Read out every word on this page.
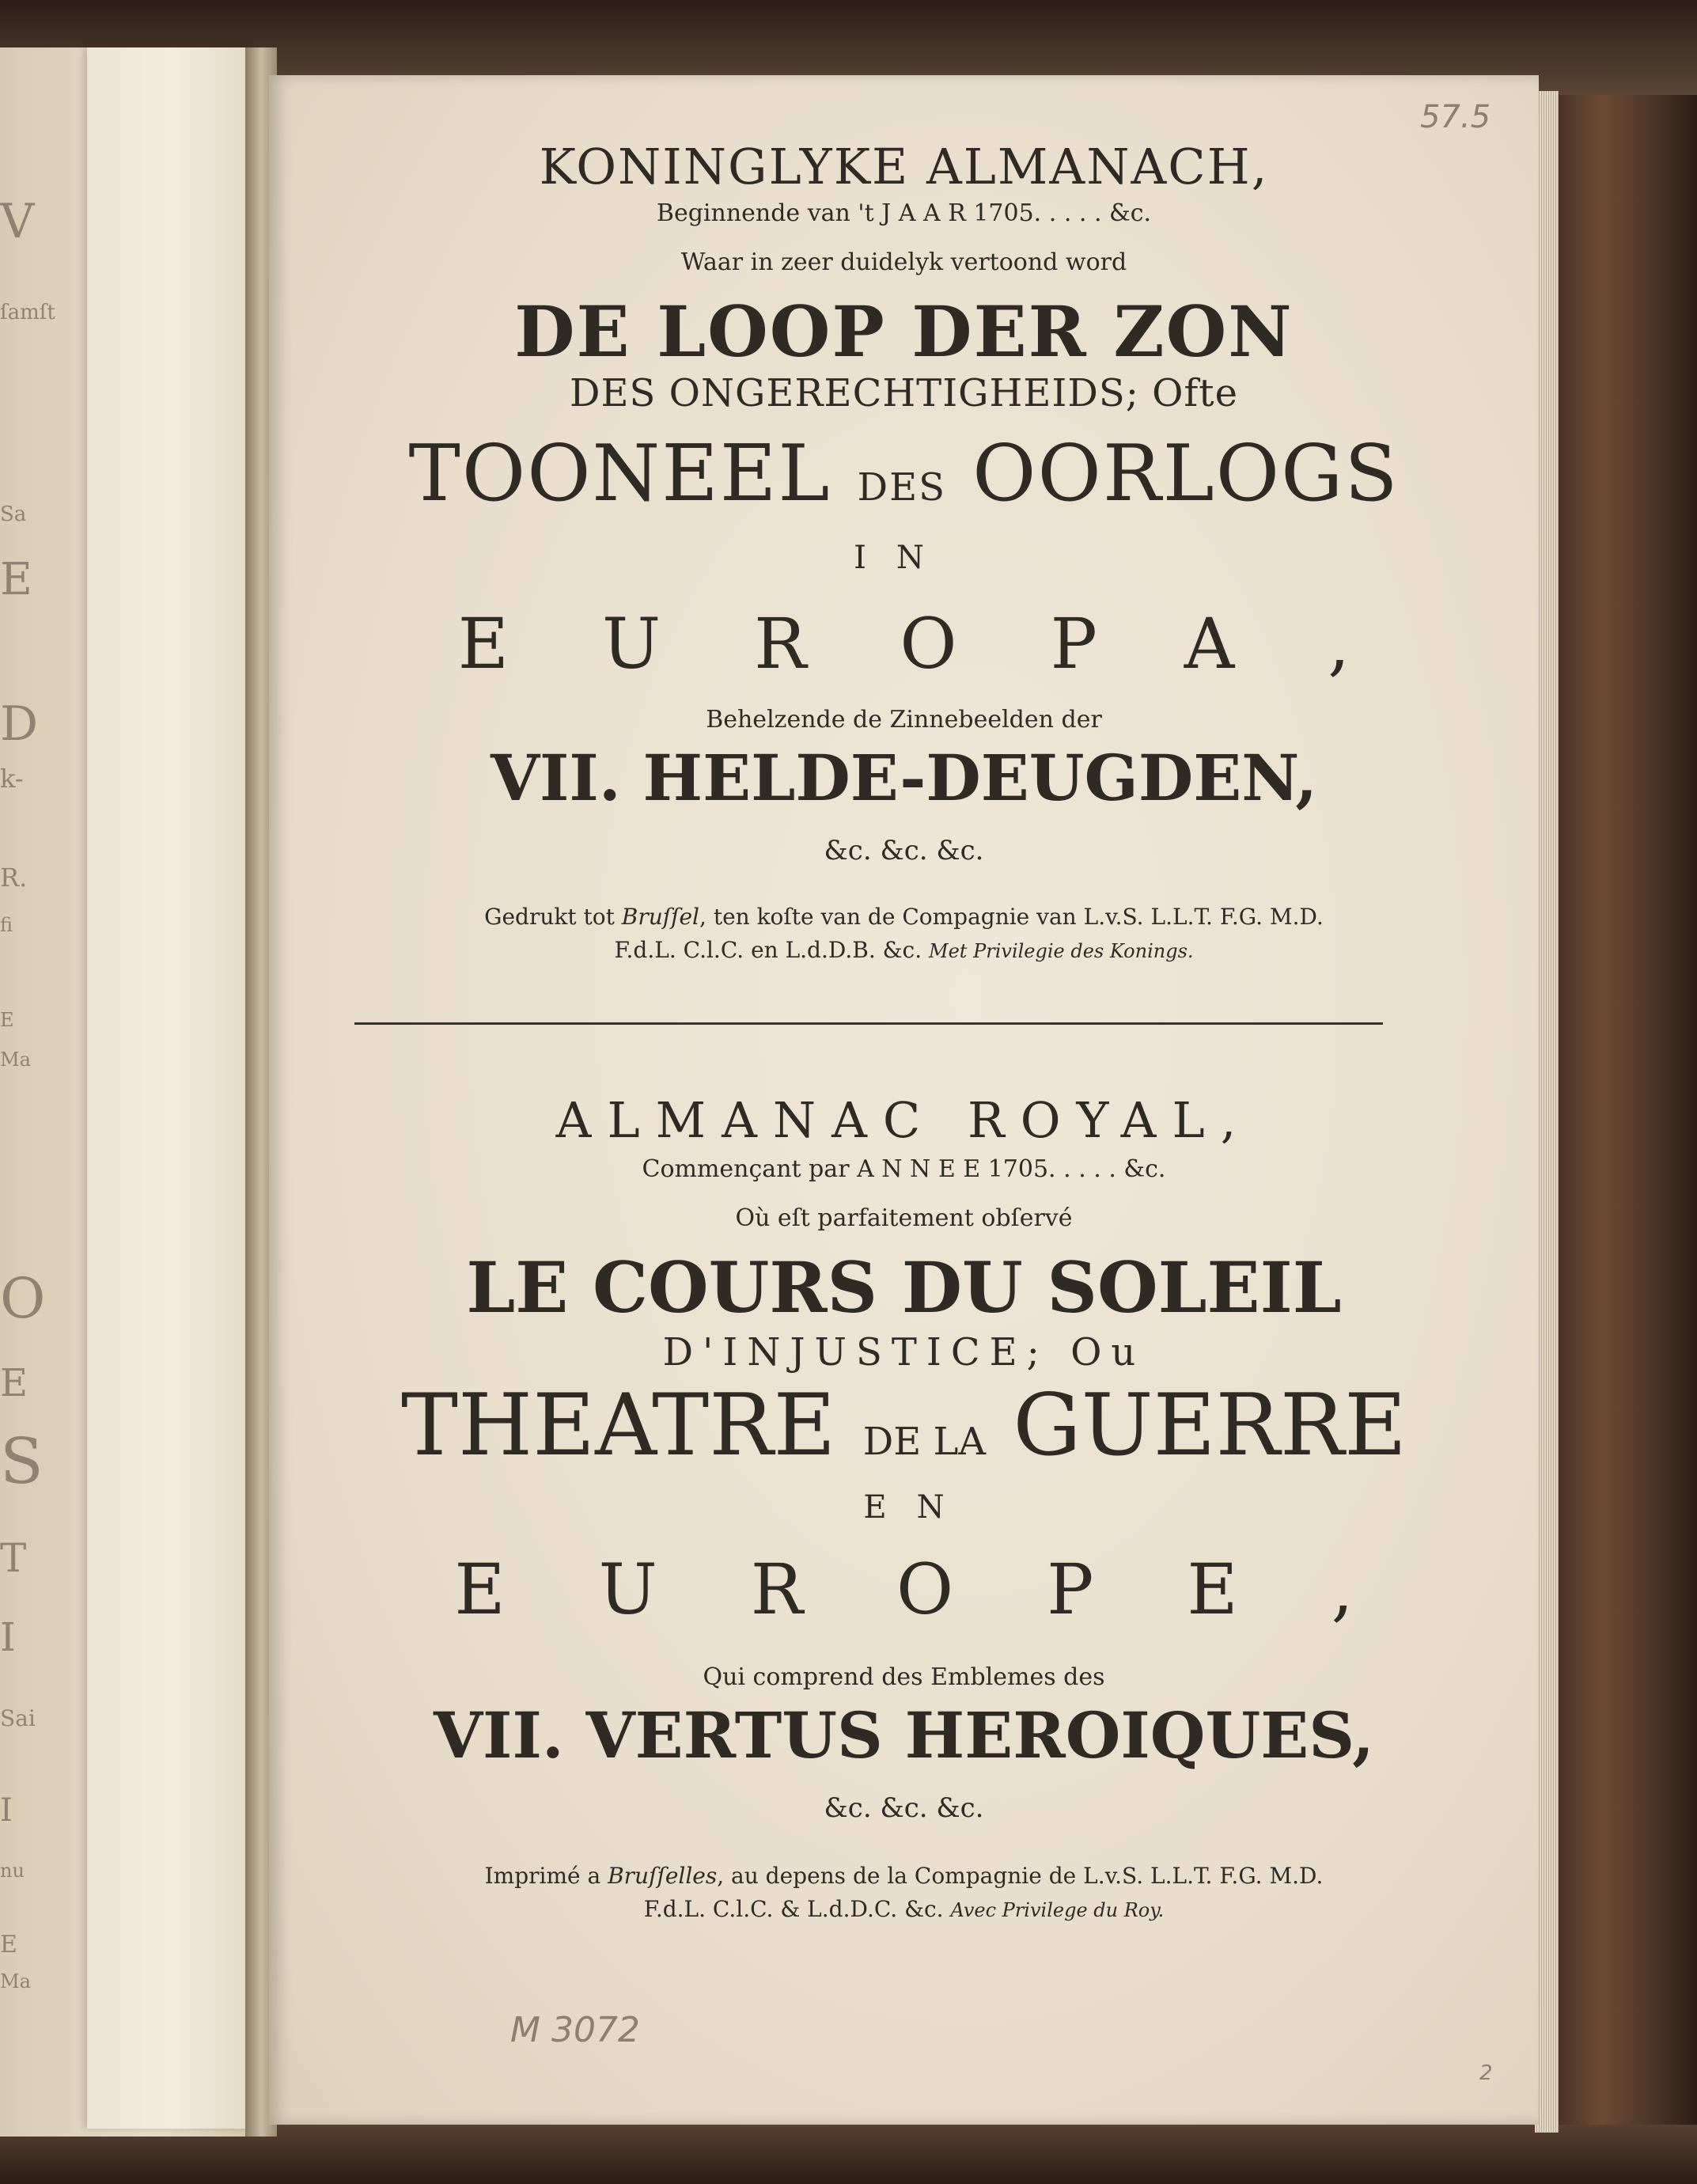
V
ſamſt
Sa
E
D
k-
R.
fi
E
Ma
O
E
S
T
I
Sai
I
nu
E
Ma
KONINGLYKE ALMANACH,
Beginnende van 't J A A R 1705. . . . . &c.
Waar in zeer duidelyk vertoond word
DE LOOP DER ZON
DES ONGERECHTIGHEIDS; Ofte
TOONEEL DES OORLOGS
IN
EUROPA,
Behelzende de Zinnebeelden der
VII. HELDE-DEUGDEN,
&c. &c. &c.
Gedrukt tot Bruſſel, ten koſte van de Compagnie van L.v.S. L.L.T. F.G. M.D.
F.d.L. C.l.C. en L.d.D.B. &c. Met Privilegie des Konings.
ALMANAC ROYAL,
Commençant par A N N E E 1705. . . . . &c.
Où eſt parfaitement obſervé
LE COURS DU SOLEIL
D'INJUSTICE; Ou
THEATRE DE LA GUERRE
EN
EUROPE,
Qui comprend des Emblemes des
VII. VERTUS HEROIQUES,
&c. &c. &c.
Imprimé a Bruſſelles, au depens de la Compagnie de L.v.S. L.L.T. F.G. M.D.
F.d.L. C.l.C. & L.d.D.C. &c. Avec Privilege du Roy.
M 3072
57.5
2
